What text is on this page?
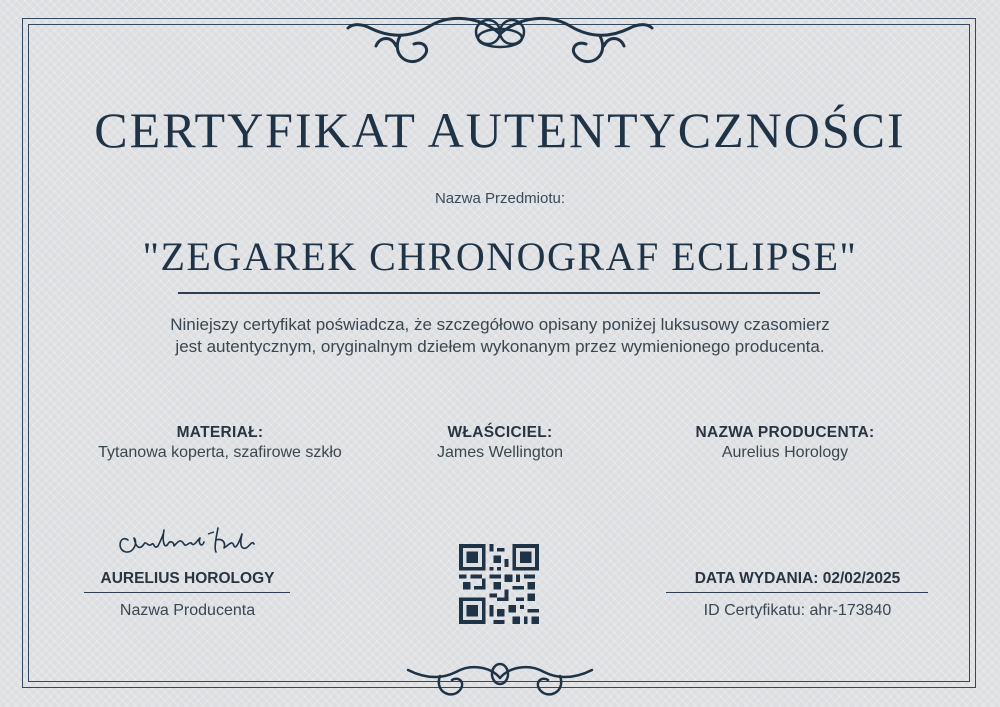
CERTYFIKAT AUTENTYCZNOŚCI
Nazwa Przedmiotu:
"ZEGAREK CHRONOGRAF ECLIPSE"
Niniejszy certyfikat poświadcza, że szczegółowo opisany poniżej luksusowy czasomierz jest autentycznym, oryginalnym dziełem wykonanym przez wymienionego producenta.
MATERIAŁ:
Tytanowa koperta, szafirowe szkło
WŁAŚCICIEL:
James Wellington
NAZWA PRODUCENTA:
Aurelius Horology
AURELIUS HOROLOGY
Nazwa Producenta
DATA WYDANIA: 02/02/2025
ID Certyfikatu: ahr-173840
